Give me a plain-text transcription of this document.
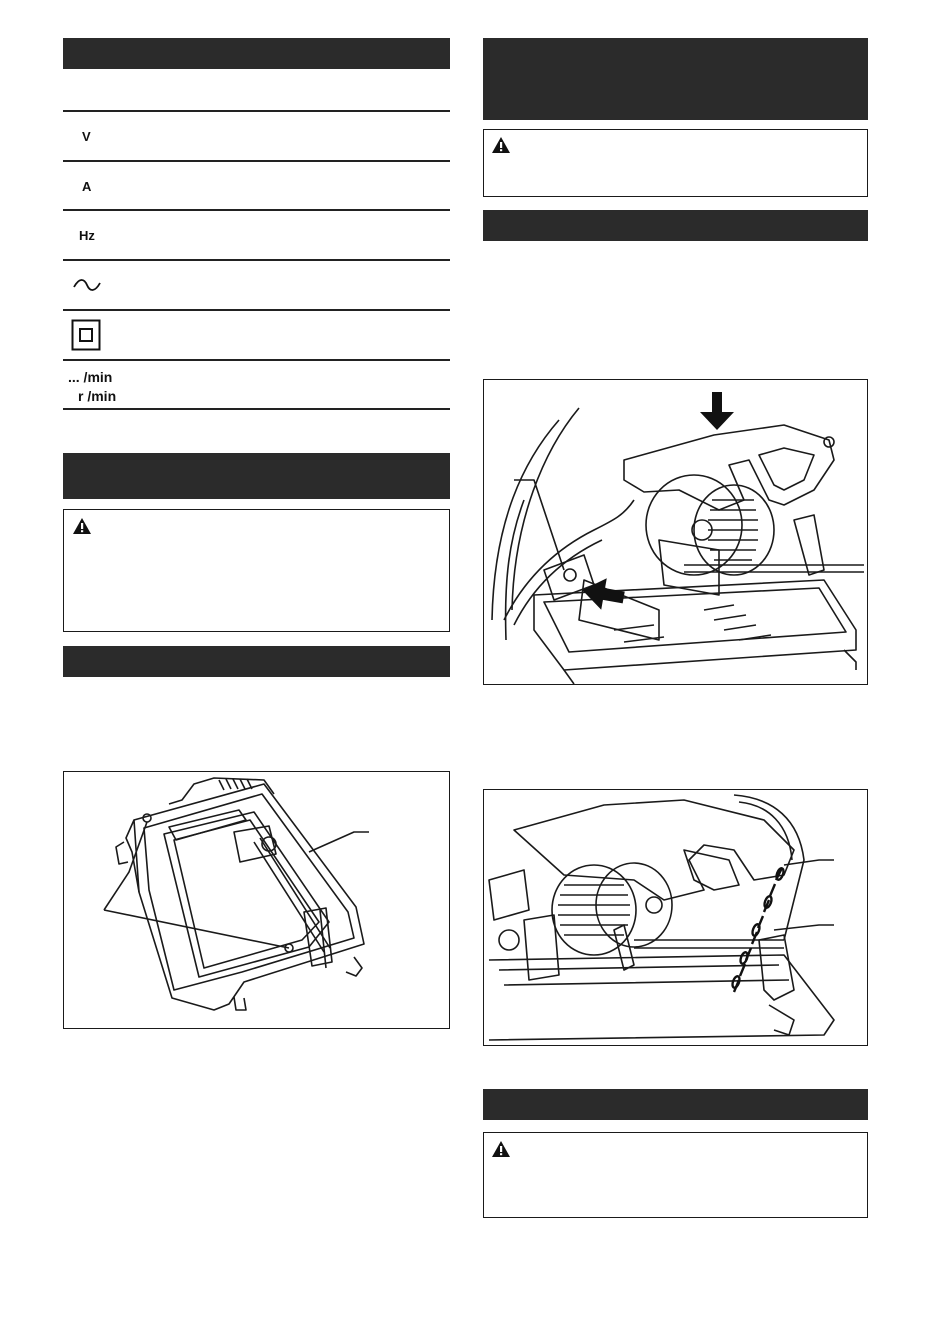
V
A
Hz
... /min
r /min
